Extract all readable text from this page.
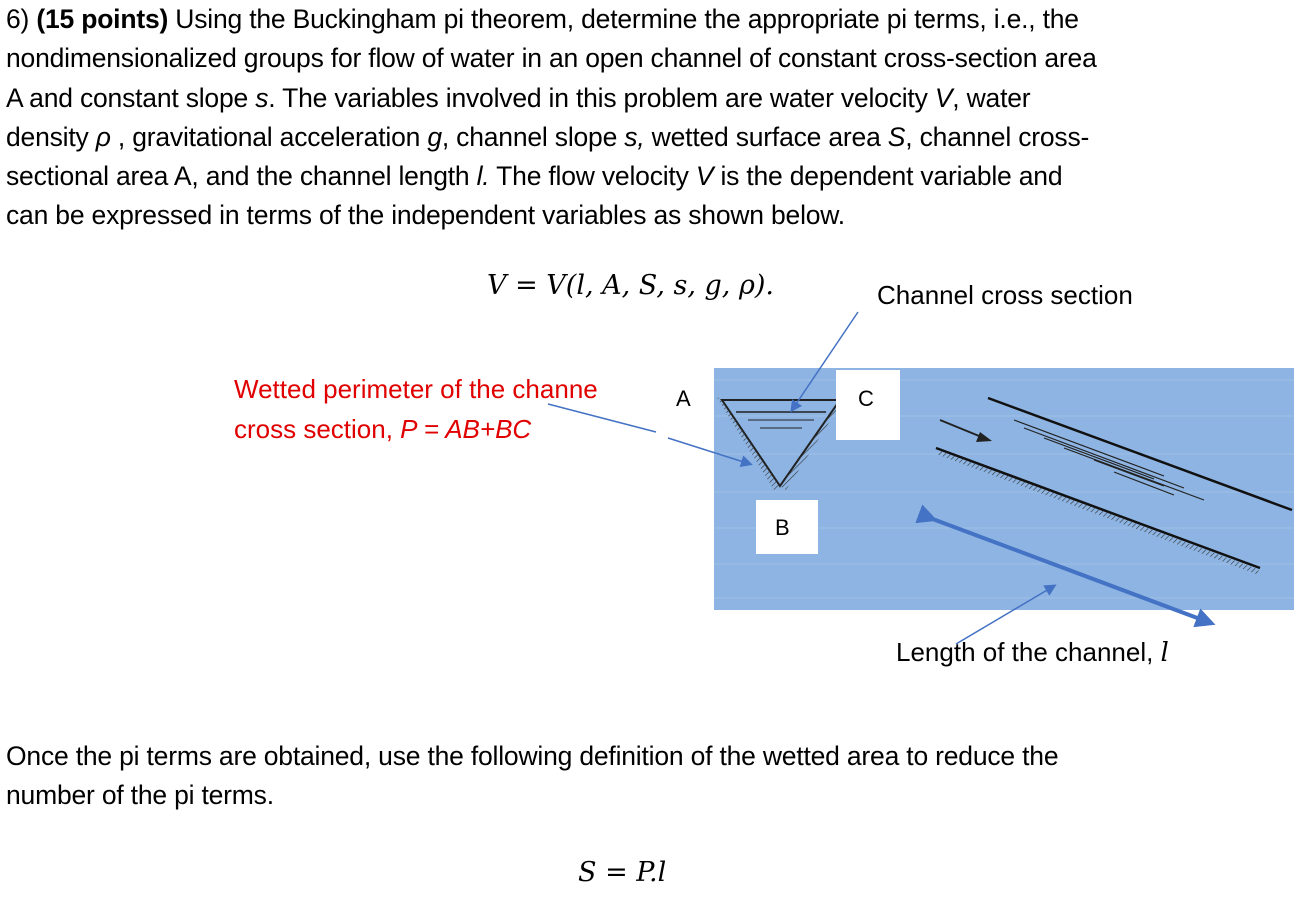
6) (15 points) Using the Buckingham pi theorem, determine the appropriate pi terms, i.e., the
nondimensionalized groups for flow of water in an open channel of constant cross-section area
A and constant slope s. The variables involved in this problem are water velocity V, water
density ρ , gravitational acceleration g, channel slope s, wetted surface area S, channel cross-
sectional area A, and the channel length l. The flow velocity V is the dependent variable and
can be expressed in terms of the independent variables as shown below.
V = V(l, A, S, s, g, ρ).	Channel cross section
Wetted perimeter of the channe
cross section, P = AB+BC
A	C
B
Length of the channel, l
Once the pi terms are obtained, use the following definition of the wetted area to reduce the
number of the pi terms.
S = P.l
